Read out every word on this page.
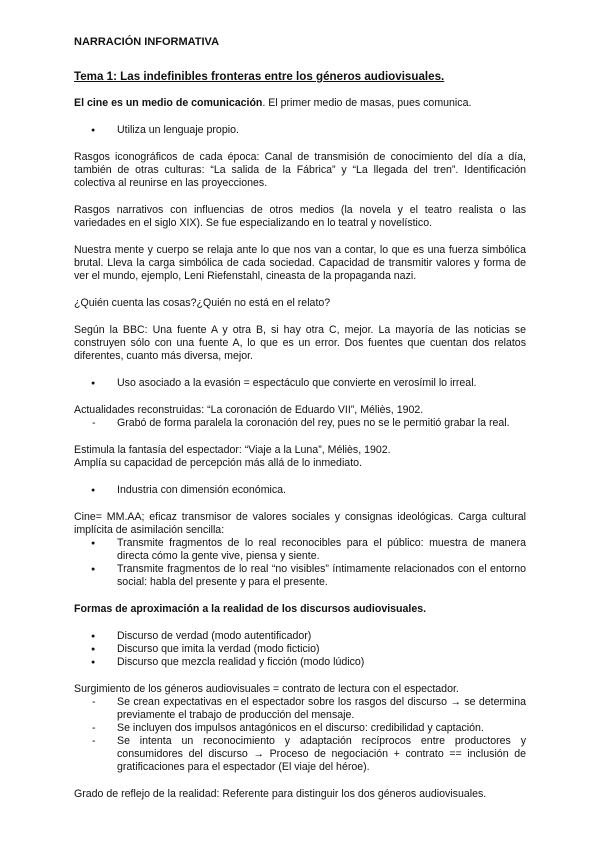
NARRACIÓN INFORMATIVA
Tema 1: Las indefinibles fronteras entre los géneros audiovisuales.

El cine es un medio de comunicación. El primer medio de masas, pues comunica.

● Utiliza un lenguaje propio.

Rasgos iconográficos de cada época: Canal de transmisión de conocimiento del día a día, también de otras culturas: “La salida de la Fábrica” y “La llegada del tren”. Identificación colectiva al reunirse en las proyecciones.

Rasgos narrativos con influencias de otros medios (la novela y el teatro realista o las variedades en el siglo XIX). Se fue especializando en lo teatral y novelístico.

Nuestra mente y cuerpo se relaja ante lo que nos van a contar, lo que es una fuerza simbólica brutal. Lleva la carga simbólica de cada sociedad. Capacidad de transmitir valores y forma de ver el mundo, ejemplo, Leni Riefenstahl, cineasta de la propaganda nazi.

¿Quién cuenta las cosas?¿Quién no está en el relato?

Según la BBC: Una fuente A y otra B, si hay otra C, mejor. La mayoría de las noticias se construyen sólo con una fuente A, lo que es un error. Dos fuentes que cuentan dos relatos diferentes, cuanto más diversa, mejor.

● Uso asociado a la evasión = espectáculo que convierte en verosímil lo irreal.

Actualidades reconstruidas: “La coronación de Eduardo VII”, Méliès, 1902.

- Grabó de forma paralela la coronación del rey, pues no se le permitió grabar la real.

Estimula la fantasía del espectador: “Viaje a la Luna”, Méliès, 1902.

Amplía su capacidad de percepción más allá de lo inmediato.

● Industria con dimensión económica.

Cine= MM.AA; eficaz transmisor de valores sociales y consignas ideológicas. Carga cultural implícita de asimilación sencilla:

● Transmite fragmentos de lo real reconocibles para el público: muestra de manera directa cómo la gente vive, piensa y siente.
● Transmite fragmentos de lo real “no visibles” íntimamente relacionados con el entorno social: habla del presente y para el presente.

Formas de aproximación a la realidad de los discursos audiovisuales.

● Discurso de verdad (modo autentificador)
● Discurso que imita la verdad (modo ficticio)
● Discurso que mezcla realidad y ficción (modo lúdico)

Surgimiento de los géneros audiovisuales = contrato de lectura con el espectador.

- Se crean expectativas en el espectador sobre los rasgos del discurso → se determina previamente el trabajo de producción del mensaje.
- Se incluyen dos impulsos antagónicos en el discurso: credibilidad y captación.
- Se intenta un reconocimiento y adaptación recíprocos entre productores y consumidores del discurso → Proceso de negociación + contrato == inclusión de gratificaciones para el espectador (El viaje del héroe).

Grado de reflejo de la realidad: Referente para distinguir los dos géneros audiovisuales.
